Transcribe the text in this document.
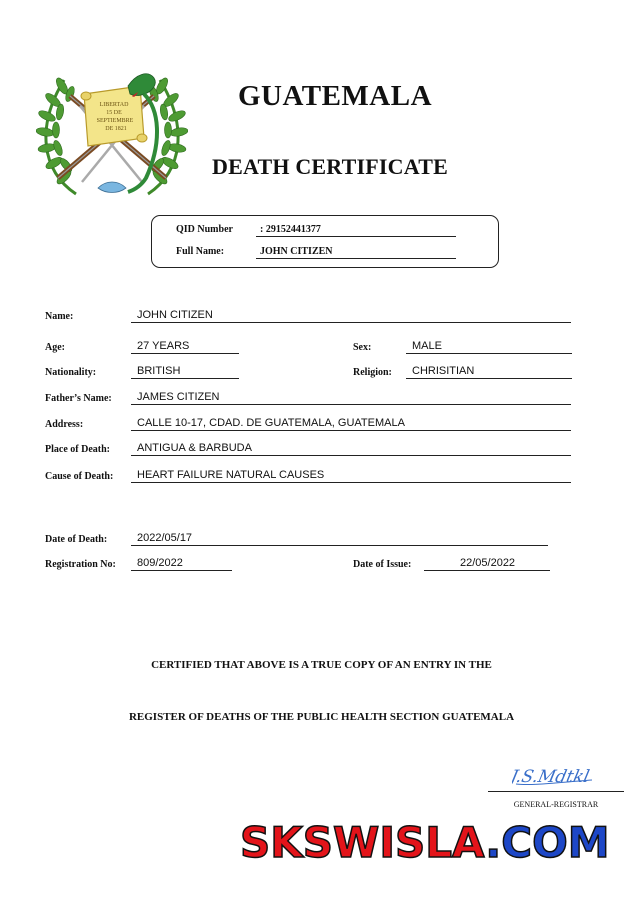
LIBERTAD
15 DE
SEPTIEMBRE
DE 1821
GUATEMALA
DEATH CERTIFICATE
QID Number	: 29152441377
Full Name:	JOHN CITIZEN
Name:	JOHN CITIZEN
Age:	27 YEARS	Sex:	MALE
Nationality:	BRITISH	Religion:	CHRISITIAN
Father’s Name:	JAMES CITIZEN
Address:	CALLE 10-17, CDAD. DE GUATEMALA, GUATEMALA
Place of Death:	ANTIGUA & BARBUDA
Cause of Death:	HEART FAILURE NATURAL CAUSES
Date of Death:	2022/05/17
Registration No:	809/2022	Date of Issue:	22/05/2022
CERTIFIED THAT ABOVE IS A TRUE COPY OF AN ENTRY IN THE
REGISTER OF DEATHS OF THE PUBLIC HEALTH SECTION GUATEMALA
J.S.Mdtkl
GENERAL-REGISTRAR
SKSWISLA.COM
